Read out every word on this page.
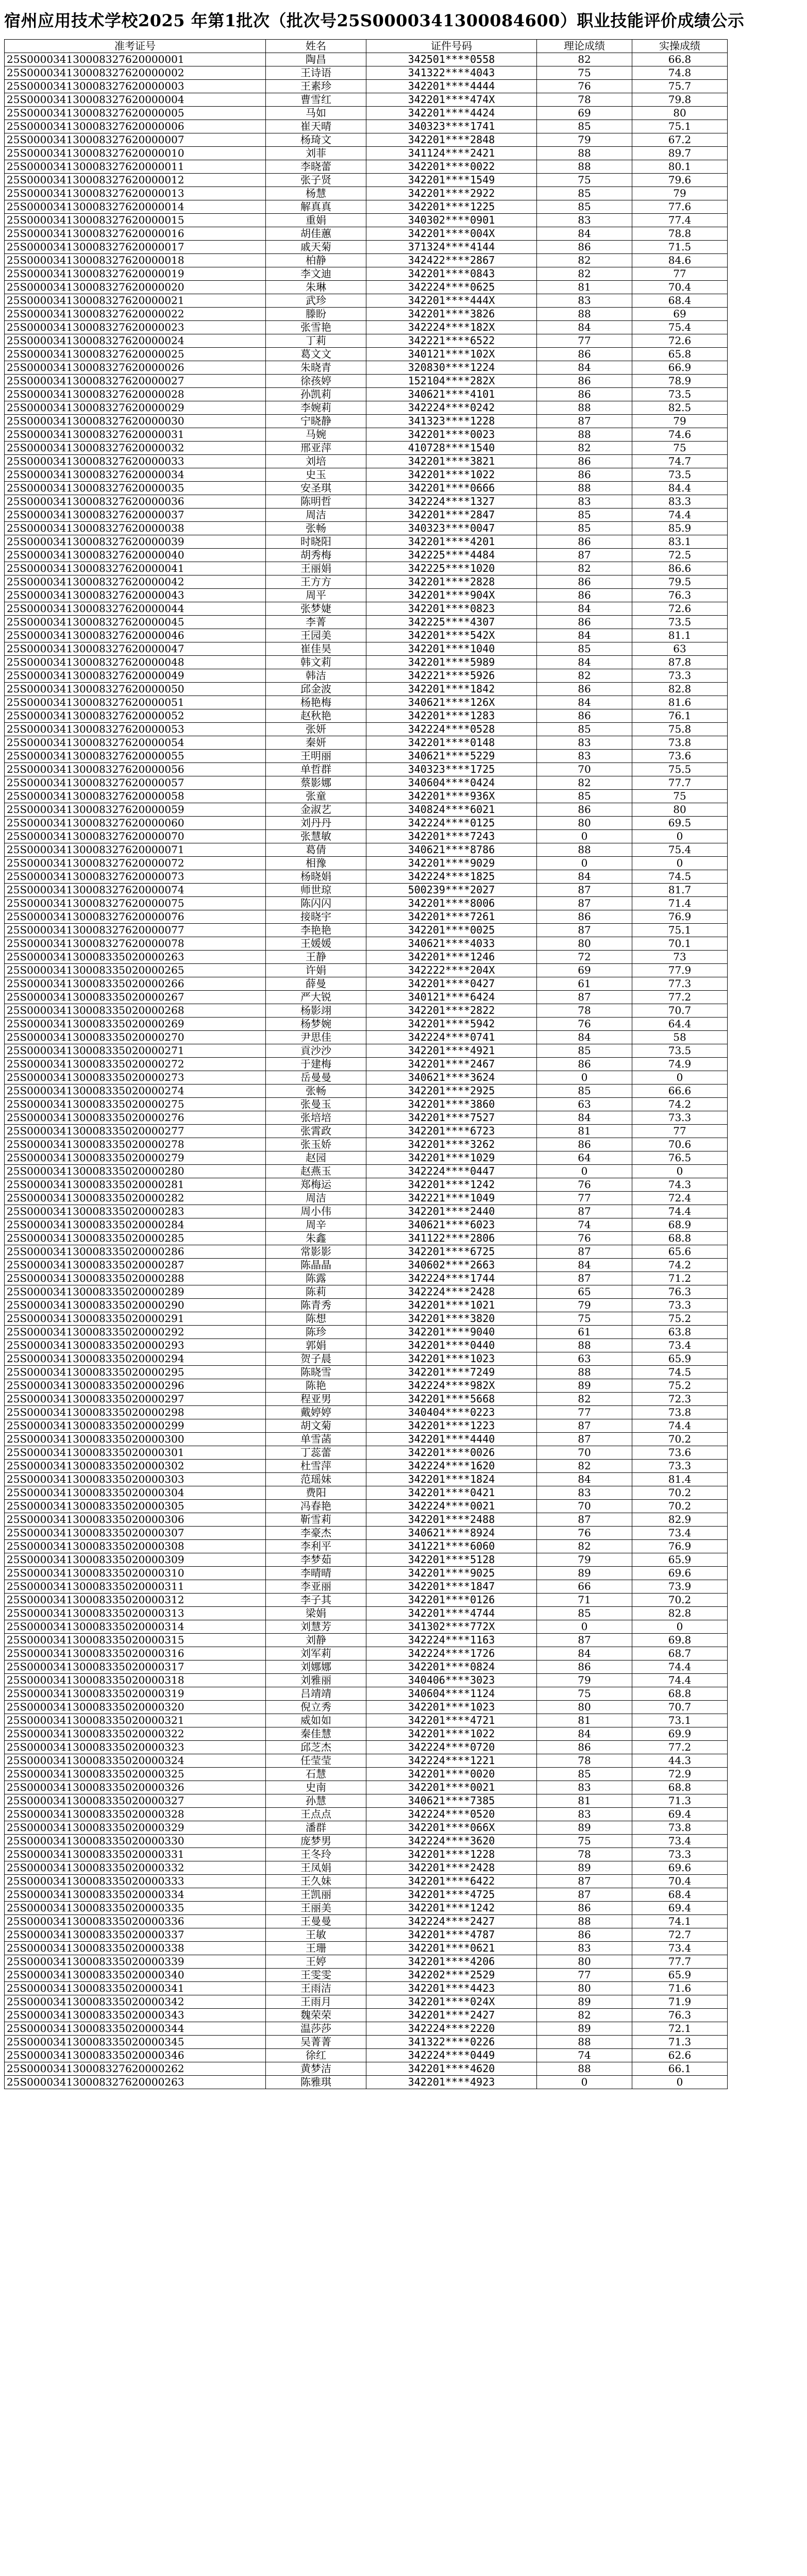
宿州应用技术学校2025 年第1批次（批次号25S000034130008460​0）职业技能评价成绩公示
准考证号	姓名	证件号码	理论成绩	实操成绩
25S000034130008327620000001	陶昌	342501****0558	82	66.8
25S000034130008327620000002	王诗语	341322****4043	75	74.8
25S000034130008327620000003	王素珍	342201****4444	76	75.7
25S000034130008327620000004	曹雪红	342201****474X	78	79.8
25S000034130008327620000005	马如	342201****4424	69	80
25S000034130008327620000006	崔天晴	340323****1741	85	75.1
25S000034130008327620000007	杨琦文	342201****2848	79	67.2
25S000034130008327620000010	刘菲	341124****2421	88	89.7
25S000034130008327620000011	李晓蕾	342201****0022	88	80.1
25S000034130008327620000012	张子贤	342201****1549	75	79.6
25S000034130008327620000013	杨慧	342201****2922	85	79
25S000034130008327620000014	解真真	342201****1225	85	77.6
25S000034130008327620000015	重娟	340302****0901	83	77.4
25S000034130008327620000016	胡佳蕙	342201****004X	84	78.8
25S000034130008327620000017	戚天菊	371324****4144	86	71.5
25S000034130008327620000018	柏静	342422****2867	82	84.6
25S000034130008327620000019	李文迪	342201****0843	82	77
25S000034130008327620000020	朱琳	342224****0625	81	70.4
25S000034130008327620000021	武珍	342201****444X	83	68.4
25S000034130008327620000022	滕盼	342201****3826	88	69
25S000034130008327620000023	张雪艳	342224****182X	84	75.4
25S000034130008327620000024	丁莉	342221****6522	77	72.6
25S000034130008327620000025	葛文文	340121****102X	86	65.8
25S000034130008327620000026	朱晓青	320830****1224	84	66.9
25S000034130008327620000027	徐孩婷	152104****282X	86	78.9
25S000034130008327620000028	孙凯莉	340621****4101	86	73.5
25S000034130008327620000029	李婉莉	342224****0242	88	82.5
25S000034130008327620000030	宁晓静	341323****1228	87	79
25S000034130008327620000031	马婉	342201****0023	88	74.6
25S000034130008327620000032	邢亚萍	410728****1540	82	75
25S000034130008327620000033	刘培	342201****3821	86	74.7
25S000034130008327620000034	史玉	342201****1022	86	73.5
25S000034130008327620000035	安圣琪	342201****0666	88	84.4
25S000034130008327620000036	陈明哲	342224****1327	83	83.3
25S000034130008327620000037	周洁	342201****2847	85	74.4
25S000034130008327620000038	张畅	340323****0047	85	85.9
25S000034130008327620000039	时晓阳	342201****4201	86	83.1
25S000034130008327620000040	胡秀梅	342225****4484	87	72.5
25S000034130008327620000041	王丽娟	342225****1020	82	86.6
25S000034130008327620000042	王方方	342201****2828	86	79.5
25S000034130008327620000043	周平	342201****904X	86	76.3
25S000034130008327620000044	张梦婕	342201****0823	84	72.6
25S000034130008327620000045	李菁	342225****4307	86	73.5
25S000034130008327620000046	王园美	342201****542X	84	81.1
25S000034130008327620000047	崔佳昊	342201****1040	85	63
25S000034130008327620000048	韩文莉	342201****5989	84	87.8
25S000034130008327620000049	韩洁	342221****5926	82	73.3
25S000034130008327620000050	邱金波	342201****1842	86	82.8
25S000034130008327620000051	杨艳梅	340621****126X	84	81.6
25S000034130008327620000052	赵秋艳	342201****1283	86	76.1
25S000034130008327620000053	张妍	342224****0528	85	75.8
25S000034130008327620000054	秦妍	342201****0148	83	73.8
25S000034130008327620000055	王明丽	340621****5229	83	73.6
25S000034130008327620000056	单哲群	340323****1725	70	75.5
25S000034130008327620000057	蔡影娜	340604****0424	82	77.7
25S000034130008327620000058	张童	342201****936X	85	75
25S000034130008327620000059	金淑艺	340824****6021	86	80
25S000034130008327620000060	刘丹丹	342224****0125	80	69.5
25S000034130008327620000070	张慧敏	342201****7243	0	0
25S000034130008327620000071	葛倩	340621****8786	88	75.4
25S000034130008327620000072	相豫	342201****9029	0	0
25S000034130008327620000073	杨晓娟	342224****1825	84	74.5
25S000034130008327620000074	师世琼	500239****2027	87	81.7
25S000034130008327620000075	陈闪闪	342201****8006	87	71.4
25S000034130008327620000076	接晓宇	342201****7261	86	76.9
25S000034130008327620000077	李艳艳	342201****0025	87	75.1
25S000034130008327620000078	王媛媛	340621****4033	80	70.1
25S000034130008335020000263	王静	342201****1246	72	73
25S000034130008335020000265	许娟	342222****204X	69	77.9
25S000034130008335020000266	薛曼	342201****0427	61	77.3
25S000034130008335020000267	严大锐	340121****6424	87	77.2
25S000034130008335020000268	杨影翊	342201****2822	78	70.7
25S000034130008335020000269	杨梦婉	342201****5942	76	64.4
25S000034130008335020000270	尹思佳	342224****0741	84	58
25S000034130008335020000271	貢沙沙	342201****4921	85	73.5
25S000034130008335020000272	于建梅	342201****2467	86	74.9
25S000034130008335020000273	岳曼曼	340621****3624	0	0
25S000034130008335020000274	张畅	342201****2925	85	66.6
25S000034130008335020000275	张曼玉	342201****3860	63	74.2
25S000034130008335020000276	张培培	342201****7527	84	73.3
25S000034130008335020000277	张霄政	342201****6723	81	77
25S000034130008335020000278	张玉娇	342201****3262	86	70.6
25S000034130008335020000279	赵园	342201****1029	64	76.5
25S000034130008335020000280	赵燕玉	342224****0447	0	0
25S000034130008335020000281	郑梅运	342201****1242	76	74.3
25S000034130008335020000282	周洁	342221****1049	77	72.4
25S000034130008335020000283	周小伟	342201****2440	87	74.4
25S000034130008335020000284	周辛	340621****6023	74	68.9
25S000034130008335020000285	朱鑫	341122****2806	76	68.8
25S000034130008335020000286	常影影	342201****6725	87	65.6
25S000034130008335020000287	陈晶晶	340602****2663	84	74.2
25S000034130008335020000288	陈露	342224****1744	87	71.2
25S000034130008335020000289	陈莉	342224****2428	65	76.3
25S000034130008335020000290	陈青秀	342201****1021	79	73.3
25S000034130008335020000291	陈想	342201****3820	75	75.2
25S000034130008335020000292	陈珍	342201****9040	61	63.8
25S000034130008335020000293	郭娟	342201****0440	88	73.4
25S000034130008335020000294	贺子晨	342201****1023	63	65.9
25S000034130008335020000295	陈晓雪	342201****7249	88	74.5
25S000034130008335020000296	陈艳	342224****982X	89	75.2
25S000034130008335020000297	程亚男	342201****5668	82	72.3
25S000034130008335020000298	戴婷婷	340404****0223	77	73.8
25S000034130008335020000299	胡文菊	342201****1223	87	74.4
25S000034130008335020000300	单雪菡	342201****4440	87	70.2
25S000034130008335020000301	丁蕊蕾	342201****0026	70	73.6
25S000034130008335020000302	杜雪萍	342224****1620	82	73.3
25S000034130008335020000303	范瑶妹	342201****1824	84	81.4
25S000034130008335020000304	费阳	342201****0421	83	70.2
25S000034130008335020000305	冯春艳	342224****0021	70	70.2
25S000034130008335020000306	靳雪莉	342201****2488	87	82.9
25S000034130008335020000307	李豪杰	340621****8924	76	73.4
25S000034130008335020000308	李利平	341221****6060	82	76.9
25S000034130008335020000309	李梦茹	342201****5128	79	65.9
25S000034130008335020000310	李晴晴	342201****9025	89	69.6
25S000034130008335020000311	李亚丽	342201****1847	66	73.9
25S000034130008335020000312	李子其	342201****0126	71	70.2
25S000034130008335020000313	梁娟	342201****4744	85	82.8
25S000034130008335020000314	刘慧芳	341302****772X	0	0
25S000034130008335020000315	刘静	342224****1163	87	69.8
25S000034130008335020000316	刘军莉	342224****1726	84	68.7
25S000034130008335020000317	刘娜娜	342201****0824	86	74.4
25S000034130008335020000318	刘雅丽	340406****3023	79	74.4
25S000034130008335020000319	吕靖靖	340604****1124	75	68.8
25S000034130008335020000320	倪立秀	342201****1023	80	70.7
25S000034130008335020000321	威如如	342201****4721	81	73.1
25S000034130008335020000322	秦佳慧	342201****1022	84	69.9
25S000034130008335020000323	邱芝杰	342224****0720	86	77.2
25S000034130008335020000324	任莹莹	342224****1221	78	44.3
25S000034130008335020000325	石慧	342201****0020	85	72.9
25S000034130008335020000326	史南	342201****0021	83	68.8
25S000034130008335020000327	孙慧	340621****7385	81	71.3
25S000034130008335020000328	王点点	342224****0520	83	69.4
25S000034130008335020000329	潘群	342201****066X	89	73.8
25S000034130008335020000330	庞梦男	342224****3620	75	73.4
25S000034130008335020000331	王冬玲	342201****1228	78	73.3
25S000034130008335020000332	王凤娟	342201****2428	89	69.6
25S000034130008335020000333	王久妹	342201****6422	87	70.4
25S000034130008335020000334	王凯丽	342201****4725	87	68.4
25S000034130008335020000335	王丽美	342201****1242	86	69.4
25S000034130008335020000336	王曼曼	342224****2427	88	74.1
25S000034130008335020000337	王敏	342201****4787	86	72.7
25S000034130008335020000338	王珊	342201****0621	83	73.4
25S000034130008335020000339	王婷	342201****4206	80	77.7
25S000034130008335020000340	王雯雯	342202****2529	77	65.9
25S000034130008335020000341	王雨洁	342201****4423	80	71.6
25S000034130008335020000342	王雨月	342201****024X	89	71.9
25S000034130008335020000343	魏荣荣	342201****2427	82	76.3
25S000034130008335020000344	温莎莎	342224****2220	89	72.1
25S000034130008335020000345	吴菁菁	341322****0226	88	71.3
25S000034130008335020000346	徐红	342224****0449	74	62.6
25S000034130008327620000262	黄梦洁	342201****4620	88	66.1
25S000034130008327620000263	陈雅琪	342201****4923	0	0
